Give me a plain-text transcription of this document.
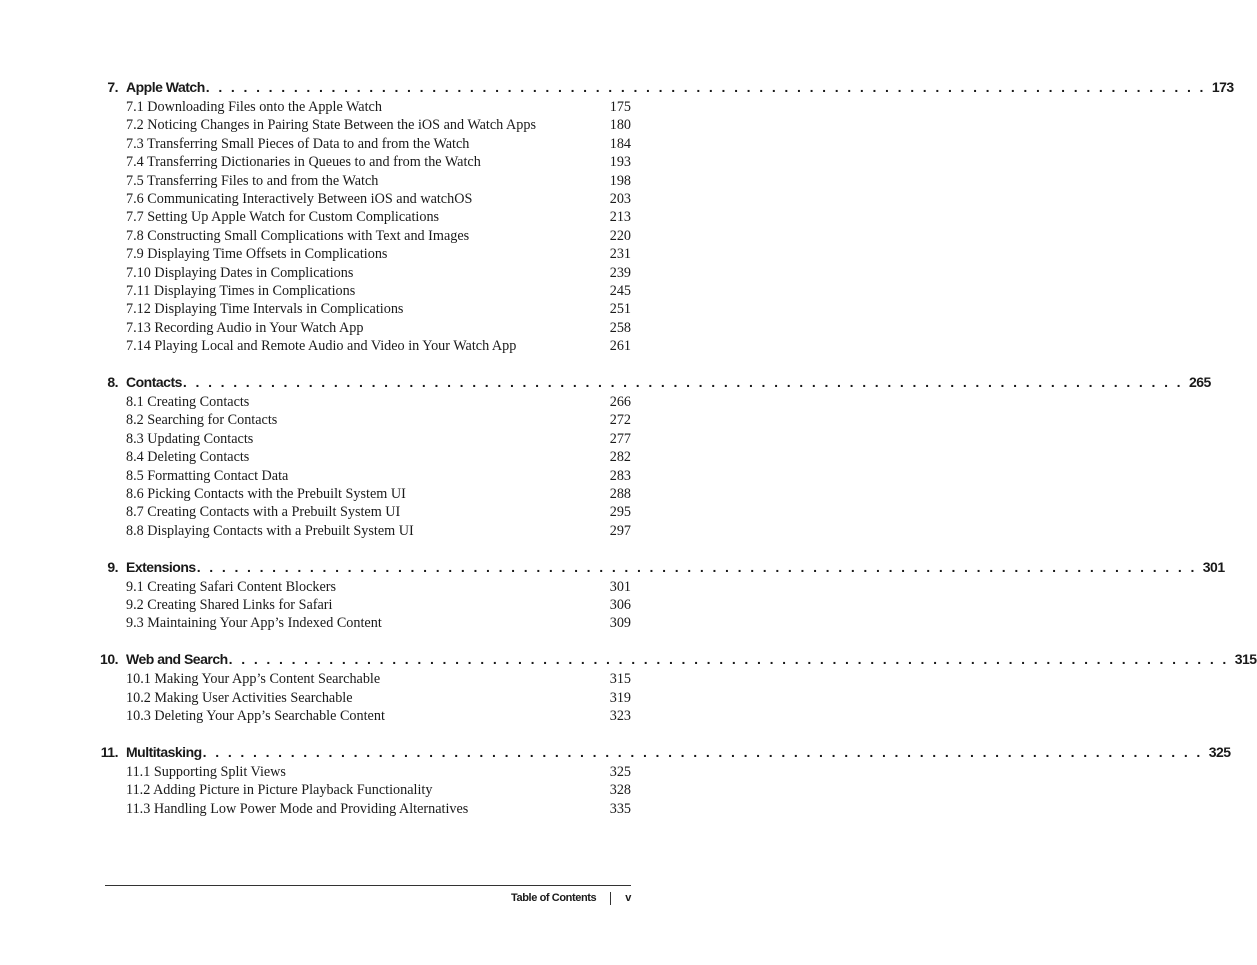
7. Apple Watch . . . . . . . . . . . . . . . . . . . . . . . . . . . . . . . . . . . . . . . . . . . . . . . . . . . . . . . . . . . . . . . . . . . . . . . . . . . . . . . . 173
7.1 Downloading Files onto the Apple Watch	175
7.2 Noticing Changes in Pairing State Between the iOS and Watch Apps	180
7.3 Transferring Small Pieces of Data to and from the Watch	184
7.4 Transferring Dictionaries in Queues to and from the Watch	193
7.5 Transferring Files to and from the Watch	198
7.6 Communicating Interactively Between iOS and watchOS	203
7.7 Setting Up Apple Watch for Custom Complications	213
7.8 Constructing Small Complications with Text and Images	220
7.9 Displaying Time Offsets in Complications	231
7.10 Displaying Dates in Complications	239
7.11 Displaying Times in Complications	245
7.12 Displaying Time Intervals in Complications	251
7.13 Recording Audio in Your Watch App	258
7.14 Playing Local and Remote Audio and Video in Your Watch App	261
8. Contacts . . . . . . . . . . . . . . . . . . . . . . . . . . . . . . . . . . . . . . . . . . . . . . . . . . . . . . . . . . . . . . . . . . . . . . . . . . . . . . . . 265
8.1 Creating Contacts	266
8.2 Searching for Contacts	272
8.3 Updating Contacts	277
8.4 Deleting Contacts	282
8.5 Formatting Contact Data	283
8.6 Picking Contacts with the Prebuilt System UI	288
8.7 Creating Contacts with a Prebuilt System UI	295
8.8 Displaying Contacts with a Prebuilt System UI	297
9. Extensions . . . . . . . . . . . . . . . . . . . . . . . . . . . . . . . . . . . . . . . . . . . . . . . . . . . . . . . . . . . . . . . . . . . . . . . . . . . . . . . . 301
9.1 Creating Safari Content Blockers	301
9.2 Creating Shared Links for Safari	306
9.3 Maintaining Your App’s Indexed Content	309
10. Web and Search . . . . . . . . . . . . . . . . . . . . . . . . . . . . . . . . . . . . . . . . . . . . . . . . . . . . . . . . . . . . . . . . . . . . . . . . . . . . . . . . 315
10.1 Making Your App’s Content Searchable	315
10.2 Making User Activities Searchable	319
10.3 Deleting Your App’s Searchable Content	323
11. Multitasking . . . . . . . . . . . . . . . . . . . . . . . . . . . . . . . . . . . . . . . . . . . . . . . . . . . . . . . . . . . . . . . . . . . . . . . . . . . . . . . . 325
11.1 Supporting Split Views	325
11.2 Adding Picture in Picture Playback Functionality	328
11.3 Handling Low Power Mode and Providing Alternatives	335
Table of Contents	v
